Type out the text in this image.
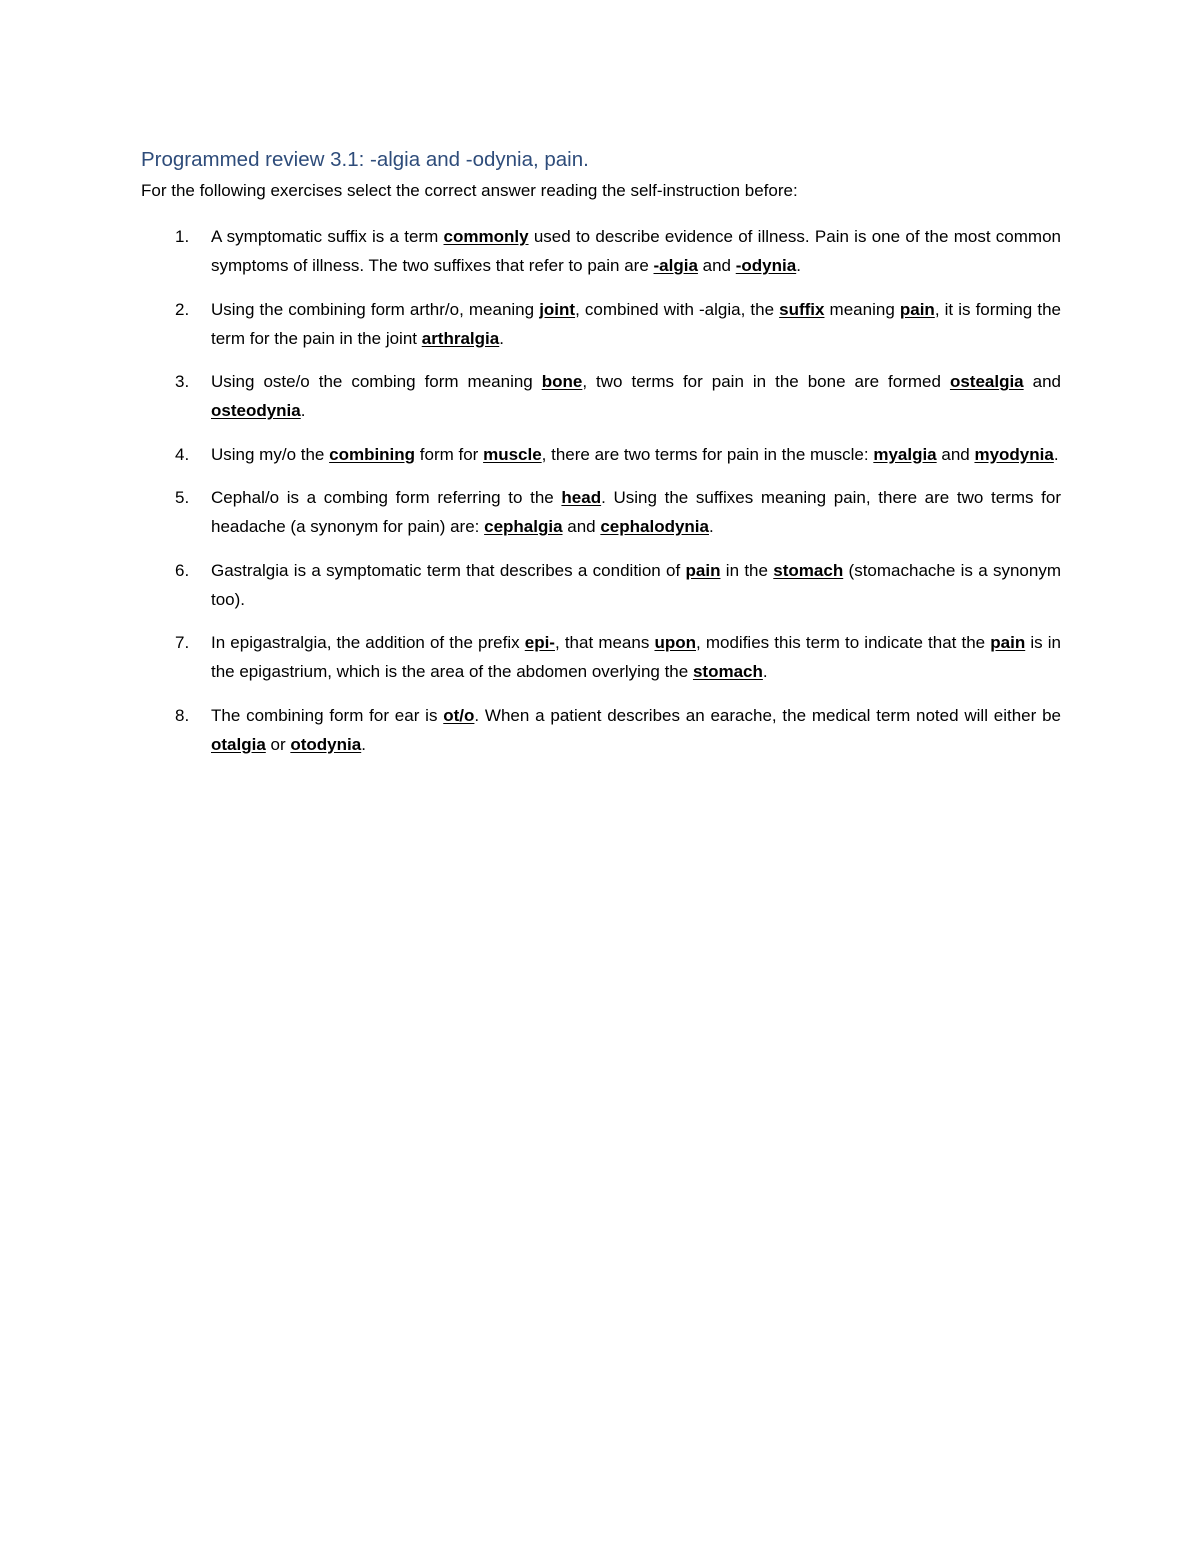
Programmed review 3.1: -algia and -odynia, pain.

For the following exercises select the correct answer reading the self-instruction before:

1. A symptomatic suffix is a term commonly used to describe evidence of illness. Pain is one of the most common symptoms of illness. The two suffixes that refer to pain are -algia and -odynia.
2. Using the combining form arthr/o, meaning joint, combined with -algia, the suffix meaning pain, it is forming the term for the pain in the joint arthralgia.
3. Using oste/o the combing form meaning bone, two terms for pain in the bone are formed ostealgia and osteodynia.
4. Using my/o the combining form for muscle, there are two terms for pain in the muscle: myalgia and myodynia.
5. Cephal/o is a combing form referring to the head. Using the suffixes meaning pain, there are two terms for headache (a synonym for pain) are: cephalgia and cephalodynia.
6. Gastralgia is a symptomatic term that describes a condition of pain in the stomach (stomachache is a synonym too).
7. In epigastralgia, the addition of the prefix epi-, that means upon, modifies this term to indicate that the pain is in the epigastrium, which is the area of the abdomen overlying the stomach.
8. The combining form for ear is ot/o. When a patient describes an earache, the medical term noted will either be otalgia or otodynia.
